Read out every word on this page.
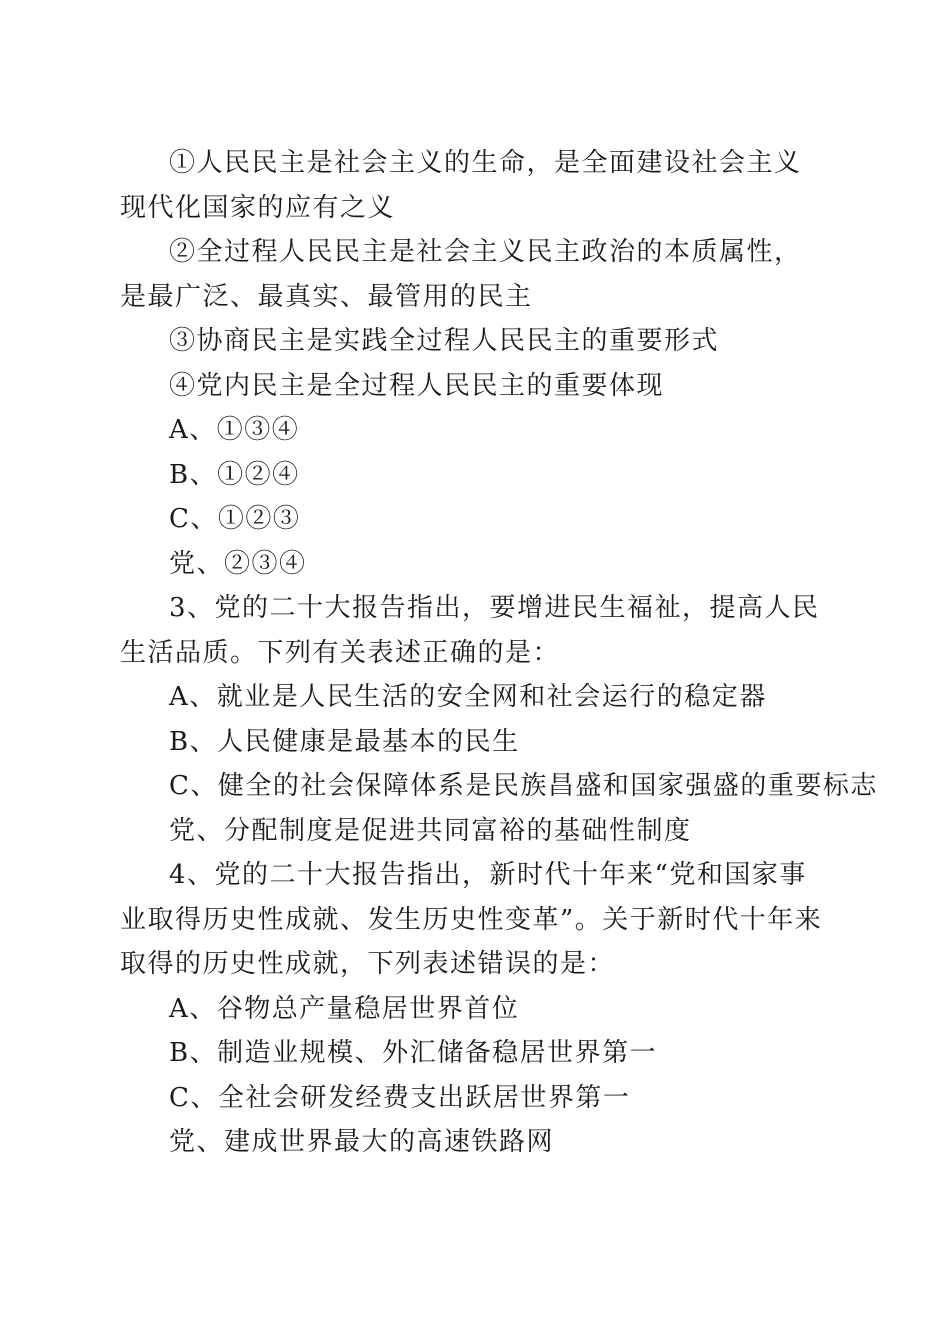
①人民民主是社会主义的生命，是全面建设社会主义现代化国家的应有之义

②全过程人民民主是社会主义民主政治的本质属性，是最广泛、最真实、最管用的民主

③协商民主是实践全过程人民民主的重要形式

④党内民主是全过程人民民主的重要体现

A、①③④

B、①②④

C、①②③

党、②③④

3、党的二十大报告指出，要增进民生福祉，提高人民生活品质。下列有关表述正确的是：

A、就业是人民生活的安全网和社会运行的稳定器

B、人民健康是最基本的民生

C、健全的社会保障体系是民族昌盛和国家强盛的重要标志

党、分配制度是促进共同富裕的基础性制度

4、党的二十大报告指出，新时代十年来“党和国家事业取得历史性成就、发生历史性变革”。关于新时代十年来取得的历史性成就，下列表述错误的是：

A、谷物总产量稳居世界首位

B、制造业规模、外汇储备稳居世界第一

C、全社会研发经费支出跃居世界第一

党、建成世界最大的高速铁路网
